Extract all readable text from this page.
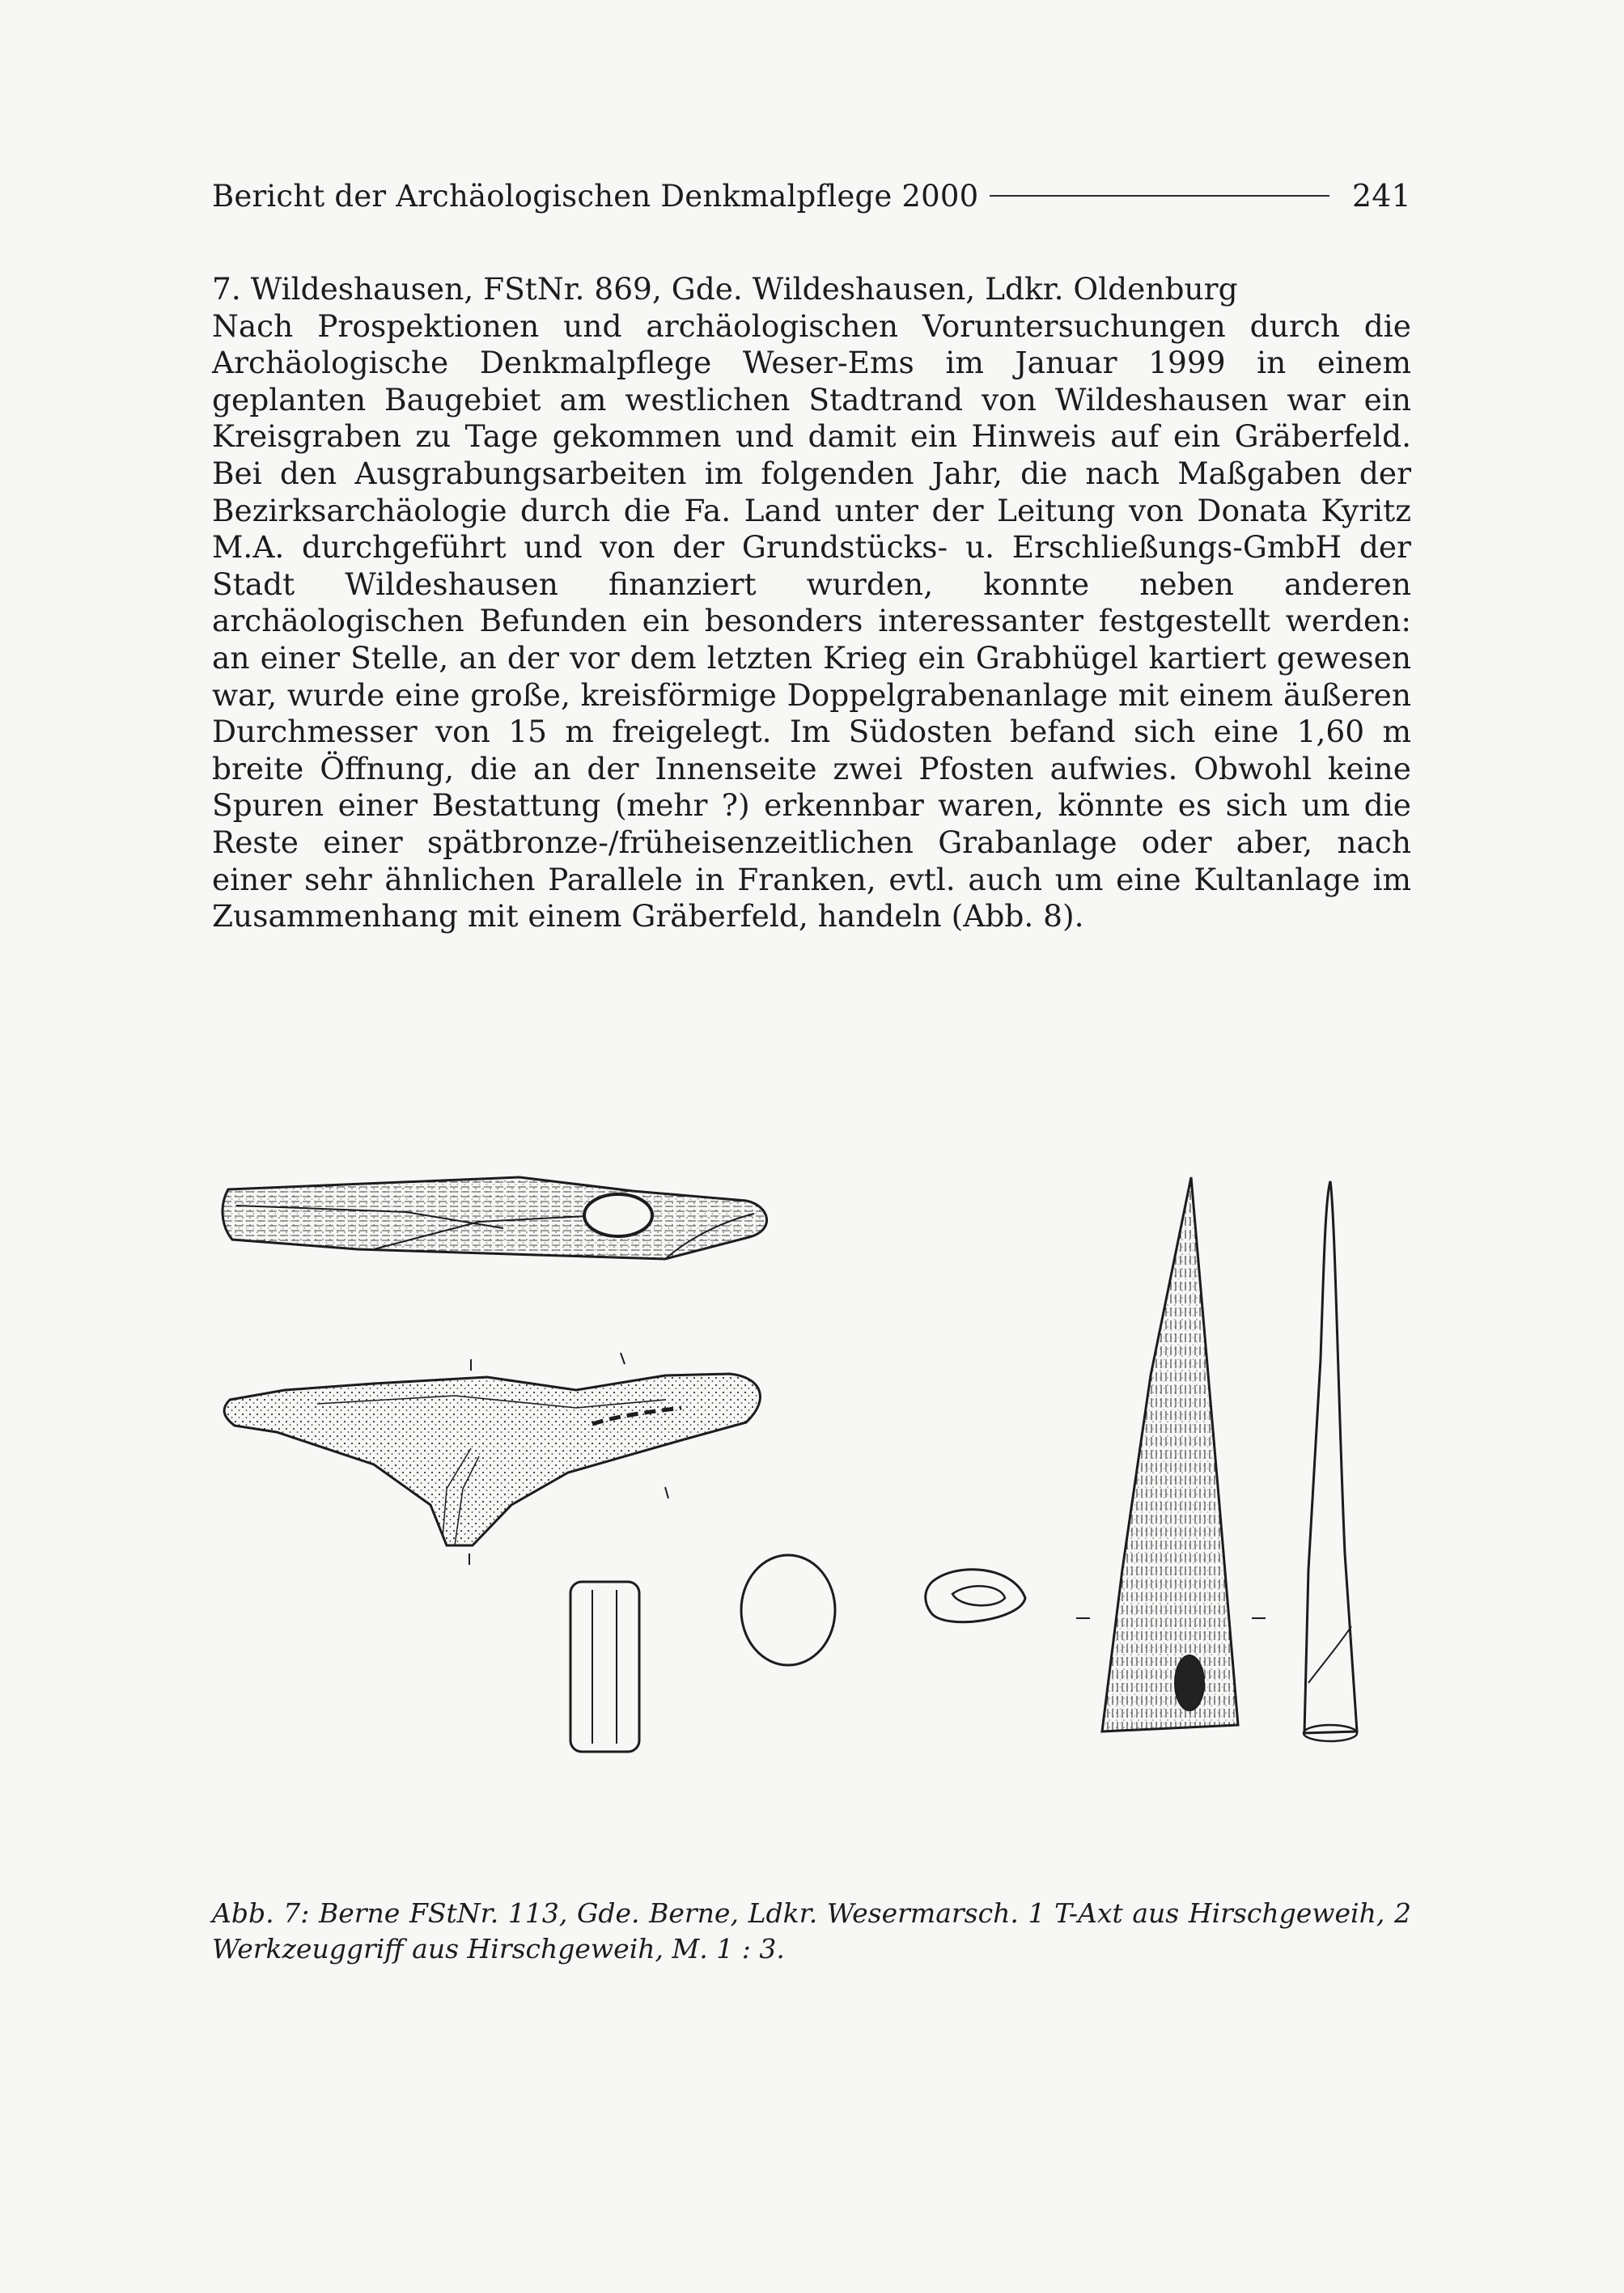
Bericht der Archäologischen Denkmalpflege 2000	241

7. Wildeshausen, FStNr. 869, Gde. Wildeshausen, Ldkr. Oldenburg

Nach Prospektionen und archäologischen Voruntersuchungen durch die Archäologische Denkmalpflege Weser-Ems im Januar 1999 in einem geplanten Baugebiet am westlichen Stadtrand von Wildeshausen war ein Kreisgraben zu Tage gekommen und damit ein Hinweis auf ein Gräberfeld. Bei den Ausgrabungsarbeiten im folgenden Jahr, die nach Maßgaben der Bezirksarchäologie durch die Fa. Land unter der Leitung von Donata Kyritz M.A. durchgeführt und von der Grundstücks- u. Erschließungs-GmbH der Stadt Wildeshausen finanziert wurden, konnte neben anderen archäologischen Befunden ein besonders interessanter festgestellt werden: an einer Stelle, an der vor dem letzten Krieg ein Grabhügel kartiert gewesen war, wurde eine große, kreisförmige Doppelgrabenanlage mit einem äußeren Durchmesser von 15 m freigelegt. Im Südosten befand sich eine 1,60 m breite Öffnung, die an der Innenseite zwei Pfosten aufwies. Obwohl keine Spuren einer Bestattung (mehr ?) erkennbar waren, könnte es sich um die Reste einer spätbronze-/früheisenzeitlichen Grabanlage oder aber, nach einer sehr ähnlichen Parallele in Franken, evtl. auch um eine Kultanlage im Zusammenhang mit einem Gräberfeld, handeln (Abb. 8).

Abb. 7: Berne FStNr. 113, Gde. Berne, Ldkr. Wesermarsch. 1 T-Axt aus Hirschgeweih, 2 Werkzeuggriff aus Hirschgeweih, M. 1 : 3.
